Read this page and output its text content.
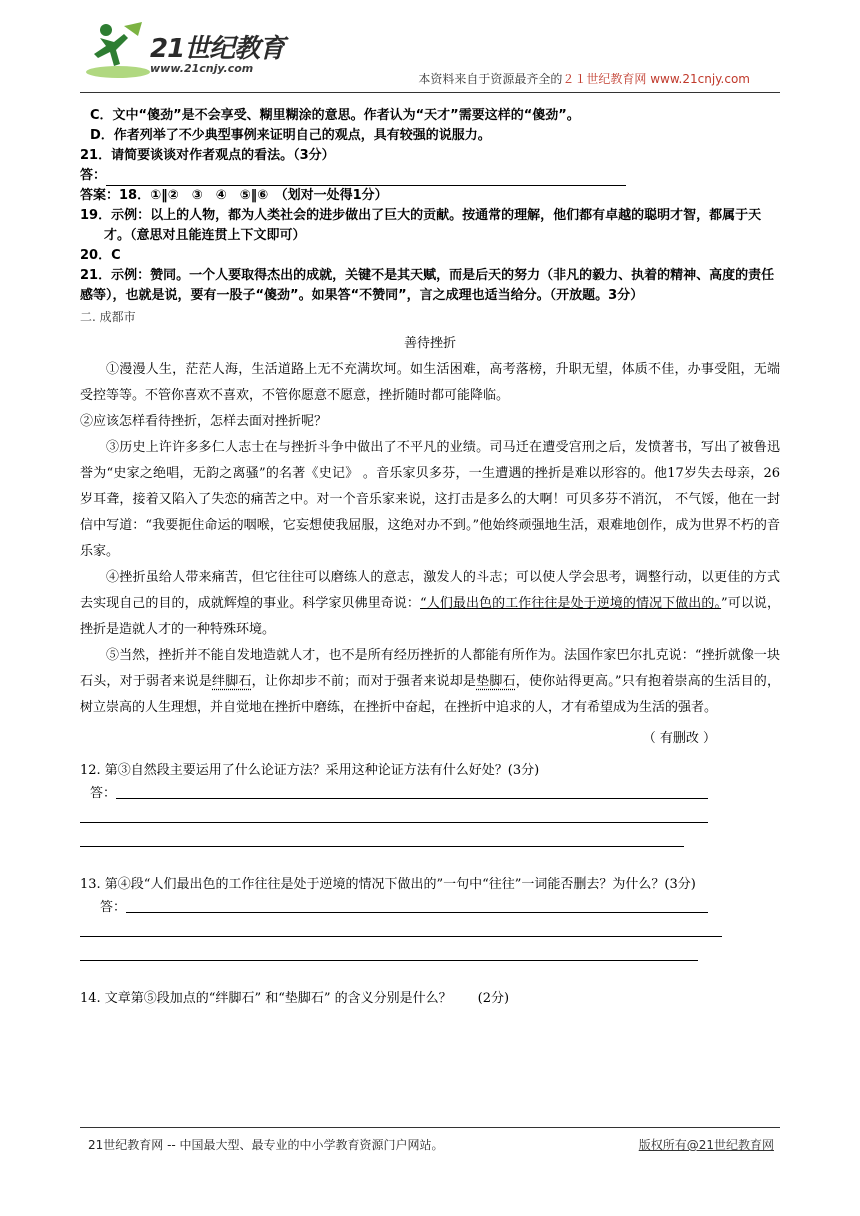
21世纪教育
www.21cnjy.com
本资料来自于资源最齐全的２１世纪教育网 www.21cnjy.com

C．文中“傻劲”是不会享受、糊里糊涂的意思。作者认为“天才”需要这样的“傻劲”。

D．作者列举了不少典型事例来证明自己的观点，具有较强的说服力。

21．请简要谈谈对作者观点的看法。（3分）

答：

答案：18．①‖②　③　④　⑤‖⑥　（划对一处得1分）

19．示例：以上的人物，都为人类社会的进步做出了巨大的贡献。按通常的理解，他们都有卓越的聪明才智，都属于天才。（意思对且能连贯上下文即可）

20．C

21．示例：赞同。一个人要取得杰出的成就，关键不是其天赋，而是后天的努力（非凡的毅力、执着的精神、高度的责任感等），也就是说，要有一股子“傻劲”。如果答“不赞同”，言之成理也适当给分。（开放题。3分）

二. 成都市
善待挫折

①漫漫人生，茫茫人海，生活道路上无不充满坎坷。如生活困难，高考落榜，升职无望，体质不佳，办事受阻，无端受控等等。不管你喜欢不喜欢，不管你愿意不愿意，挫折随时都可能降临。

②应该怎样看待挫折，怎样去面对挫折呢？

③历史上许许多多仁人志士在与挫折斗争中做出了不平凡的业绩。司马迁在遭受宫刑之后，发愤著书，写出了被鲁迅誉为“史家之绝唱，无韵之离骚”的名著《史记》 。音乐家贝多芬，一生遭遇的挫折是难以形容的。他17岁失去母亲，26岁耳聋，接着又陷入了失恋的痛苦之中。对一个音乐家来说，这打击是多么的大啊！可贝多芬不消沉， 不气馁，他在一封信中写道：“我要扼住命运的咽喉，它妄想使我屈服，这绝对办不到。”他始终顽强地生活，艰难地创作，成为世界不朽的音乐家。

④挫折虽给人带来痛苦，但它往往可以磨练人的意志，激发人的斗志；可以使人学会思考，调整行动，以更佳的方式去实现自己的目的，成就辉煌的事业。科学家贝佛里奇说：“人们最出色的工作往往是处于逆境的情况下做出的。”可以说，挫折是造就人才的一种特殊环境。

⑤当然，挫折并不能自发地造就人才，也不是所有经历挫折的人都能有所作为。法国作家巴尔扎克说：“挫折就像一块石头，对于弱者来说是绊脚石，让你却步不前；而对于强者来说却是垫脚石，使你站得更高。”只有抱着崇高的生活目的，树立崇高的人生理想，并自觉地在挫折中磨练，在挫折中奋起，在挫折中追求的人，才有希望成为生活的强者。

（ 有删改 ）
12. 第③自然段主要运用了什么论证方法？采用这种论证方法有什么好处？(3分)
答：
13. 第④段“人们最出色的工作往往是处于逆境的情况下做出的”一句中“往往”一词能否删去？为什么？(3分)
答：
14. 文章第⑤段加点的“绊脚石” 和“垫脚石” 的含义分别是什么？　　(2分)
21世纪教育网 -- 中国最大型、最专业的中小学教育资源门户网站。	版权所有@21世纪教育网
